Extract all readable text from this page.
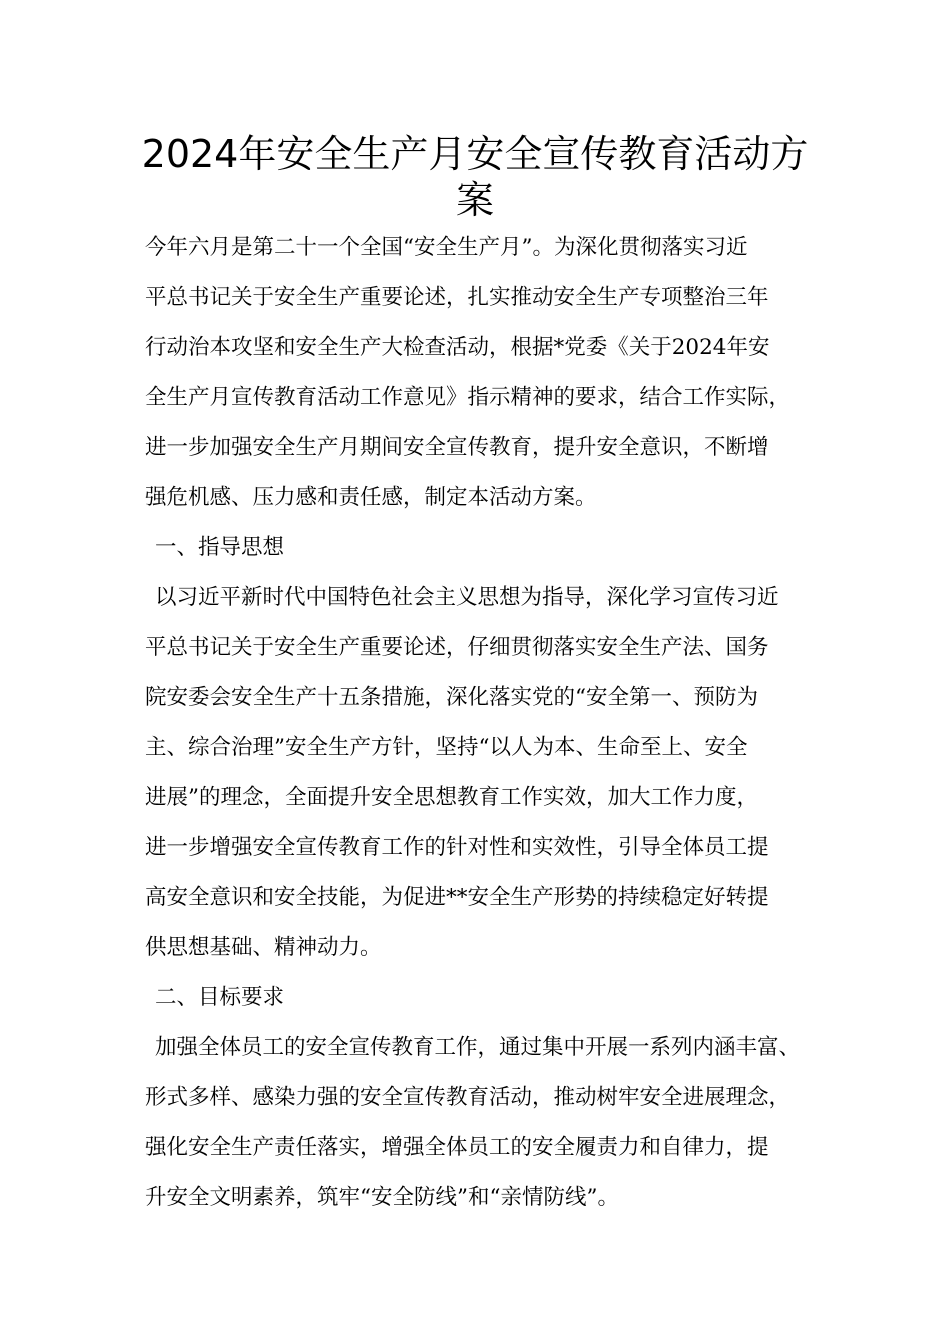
2024年安全生产月安全宣传教育活动方
案

今年六月是第二十一个全国“安全生产月”。为深化贯彻落实习近

平总书记关于安全生产重要论述，扎实推动安全生产专项整治三年

行动治本攻坚和安全生产大检查活动，根据*党委《关于2024年安

全生产月宣传教育活动工作意见》指示精神的要求，结合工作实际，

进一步加强安全生产月期间安全宣传教育，提升安全意识，不断增

强危机感、压力感和责任感，制定本活动方案。

一、指导思想

以习近平新时代中国特色社会主义思想为指导，深化学习宣传习近

平总书记关于安全生产重要论述，仔细贯彻落实安全生产法、国务

院安委会安全生产十五条措施，深化落实党的“安全第一、预防为

主、综合治理”安全生产方针，坚持“以人为本、生命至上、安全

进展”的理念，全面提升安全思想教育工作实效，加大工作力度，

进一步增强安全宣传教育工作的针对性和实效性，引导全体员工提

高安全意识和安全技能，为促进**安全生产形势的持续稳定好转提

供思想基础、精神动力。

二、目标要求

加强全体员工的安全宣传教育工作，通过集中开展一系列内涵丰富、

形式多样、感染力强的安全宣传教育活动，推动树牢安全进展理念，

强化安全生产责任落实，增强全体员工的安全履责力和自律力，提

升安全文明素养，筑牢“安全防线”和“亲情防线”。
